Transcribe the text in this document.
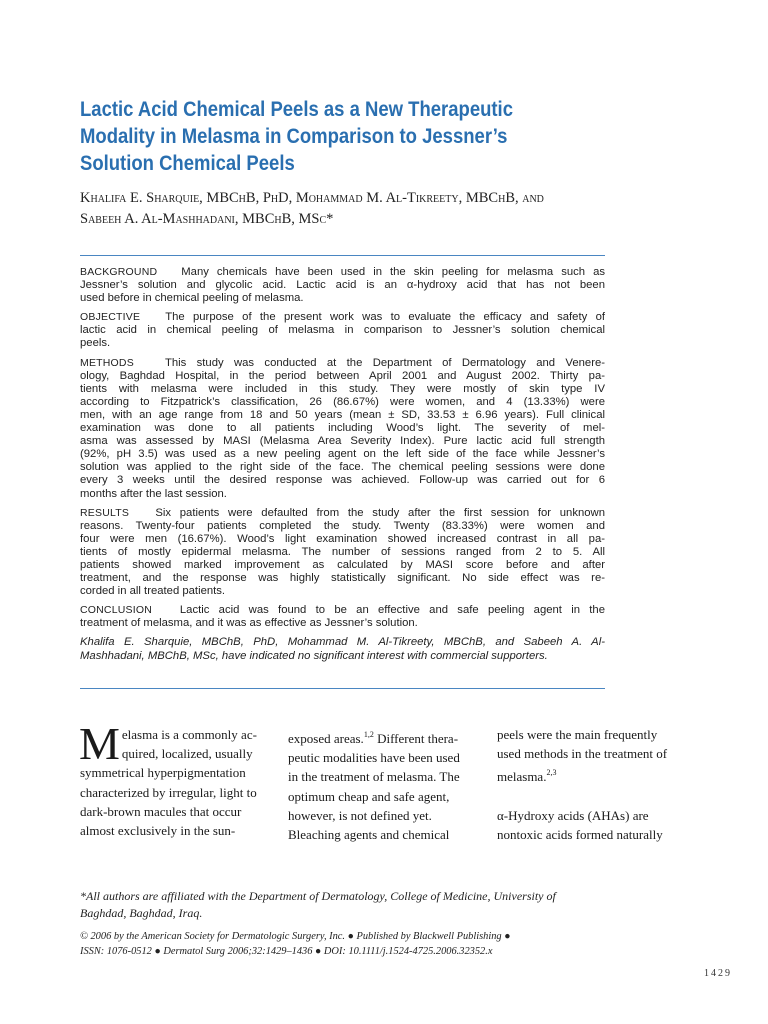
Lactic Acid Chemical Peels as a New Therapeutic
Modality in Melasma in Comparison to Jessner’s
Solution Chemical Peels
Khalifa E. Sharquie, MBChB, PhD, Mohammad M. Al-Tikreety, MBChB, and
Sabeeh A. Al-Mashhadani, MBChB, MSc*
BACKGROUND Many chemicals have been used in the skin peeling for melasma such as
Jessner’s solution and glycolic acid. Lactic acid is an α-hydroxy acid that has not been
used before in chemical peeling of melasma.
OBJECTIVE The purpose of the present work was to evaluate the efficacy and safety of
lactic acid in chemical peeling of melasma in comparison to Jessner’s solution chemical
peels.
METHODS	This study was conducted at the Department of Dermatology and Venere-
ology, Baghdad Hospital, in the period between April 2001 and August 2002. Thirty pa-
tients with melasma were included in this study. They were mostly of skin type IV
according to Fitzpatrick’s classification, 26 (86.67%) were women, and 4 (13.33%) were
men, with an age range from 18 and 50 years (mean ± SD, 33.53 ± 6.96 years). Full clinical
examination was done to all patients including Wood’s light. The severity of mel-
asma was assessed by MASI (Melasma Area Severity Index). Pure lactic acid full strength
(92%, pH 3.5) was used as a new peeling agent on the left side of the face while Jessner’s
solution was applied to the right side of the face. The chemical peeling sessions were done
every 3 weeks until the desired response was achieved. Follow-up was carried out for 6
months after the last session.
RESULTS Six patients were defaulted from the study after the first session for unknown
reasons. Twenty-four patients completed the study. Twenty (83.33%) were women and
four were men (16.67%). Wood’s light examination showed increased contrast in all pa-
tients of mostly epidermal melasma. The number of sessions ranged from 2 to 5. All
patients showed marked improvement as calculated by MASI score before and after
treatment, and the response was highly statistically significant. No side effect was re-
corded in all treated patients.
CONCLUSION Lactic acid was found to be an effective and safe peeling agent in the
treatment of melasma, and it was as effective as Jessner’s solution.
Khalifa E. Sharquie, MBChB, PhD, Mohammad M. Al-Tikreety, MBChB, and Sabeeh A. Al-
Mashhadani, MBChB, MSc, have indicated no significant interest with commercial supporters.
M elasma is a commonly ac-
quired, localized, usually
symmetrical hyperpigmentation
characterized by irregular, light to
dark-brown macules that occur
almost exclusively in the sun-
exposed areas.$^{1,2}$ Different thera-
peutic modalities have been used
in the treatment of melasma. The
optimum cheap and safe agent,
however, is not defined yet.
Bleaching agents and chemical
peels were the main frequently
used methods in the treatment of
melasma.$^{2,3}$
α-Hydroxy acids (AHAs) are
nontoxic acids formed naturally
*All authors are affiliated with the Department of Dermatology, College of Medicine, University of
Baghdad, Baghdad, Iraq.
© 2006 by the American Society for Dermatologic Surgery, Inc. ● Published by Blackwell Publishing ●
ISSN: 1076-0512 ● Dermatol Surg 2006;32:1429–1436 ● DOI: 10.1111/j.1524-4725.2006.32352.x
1429
